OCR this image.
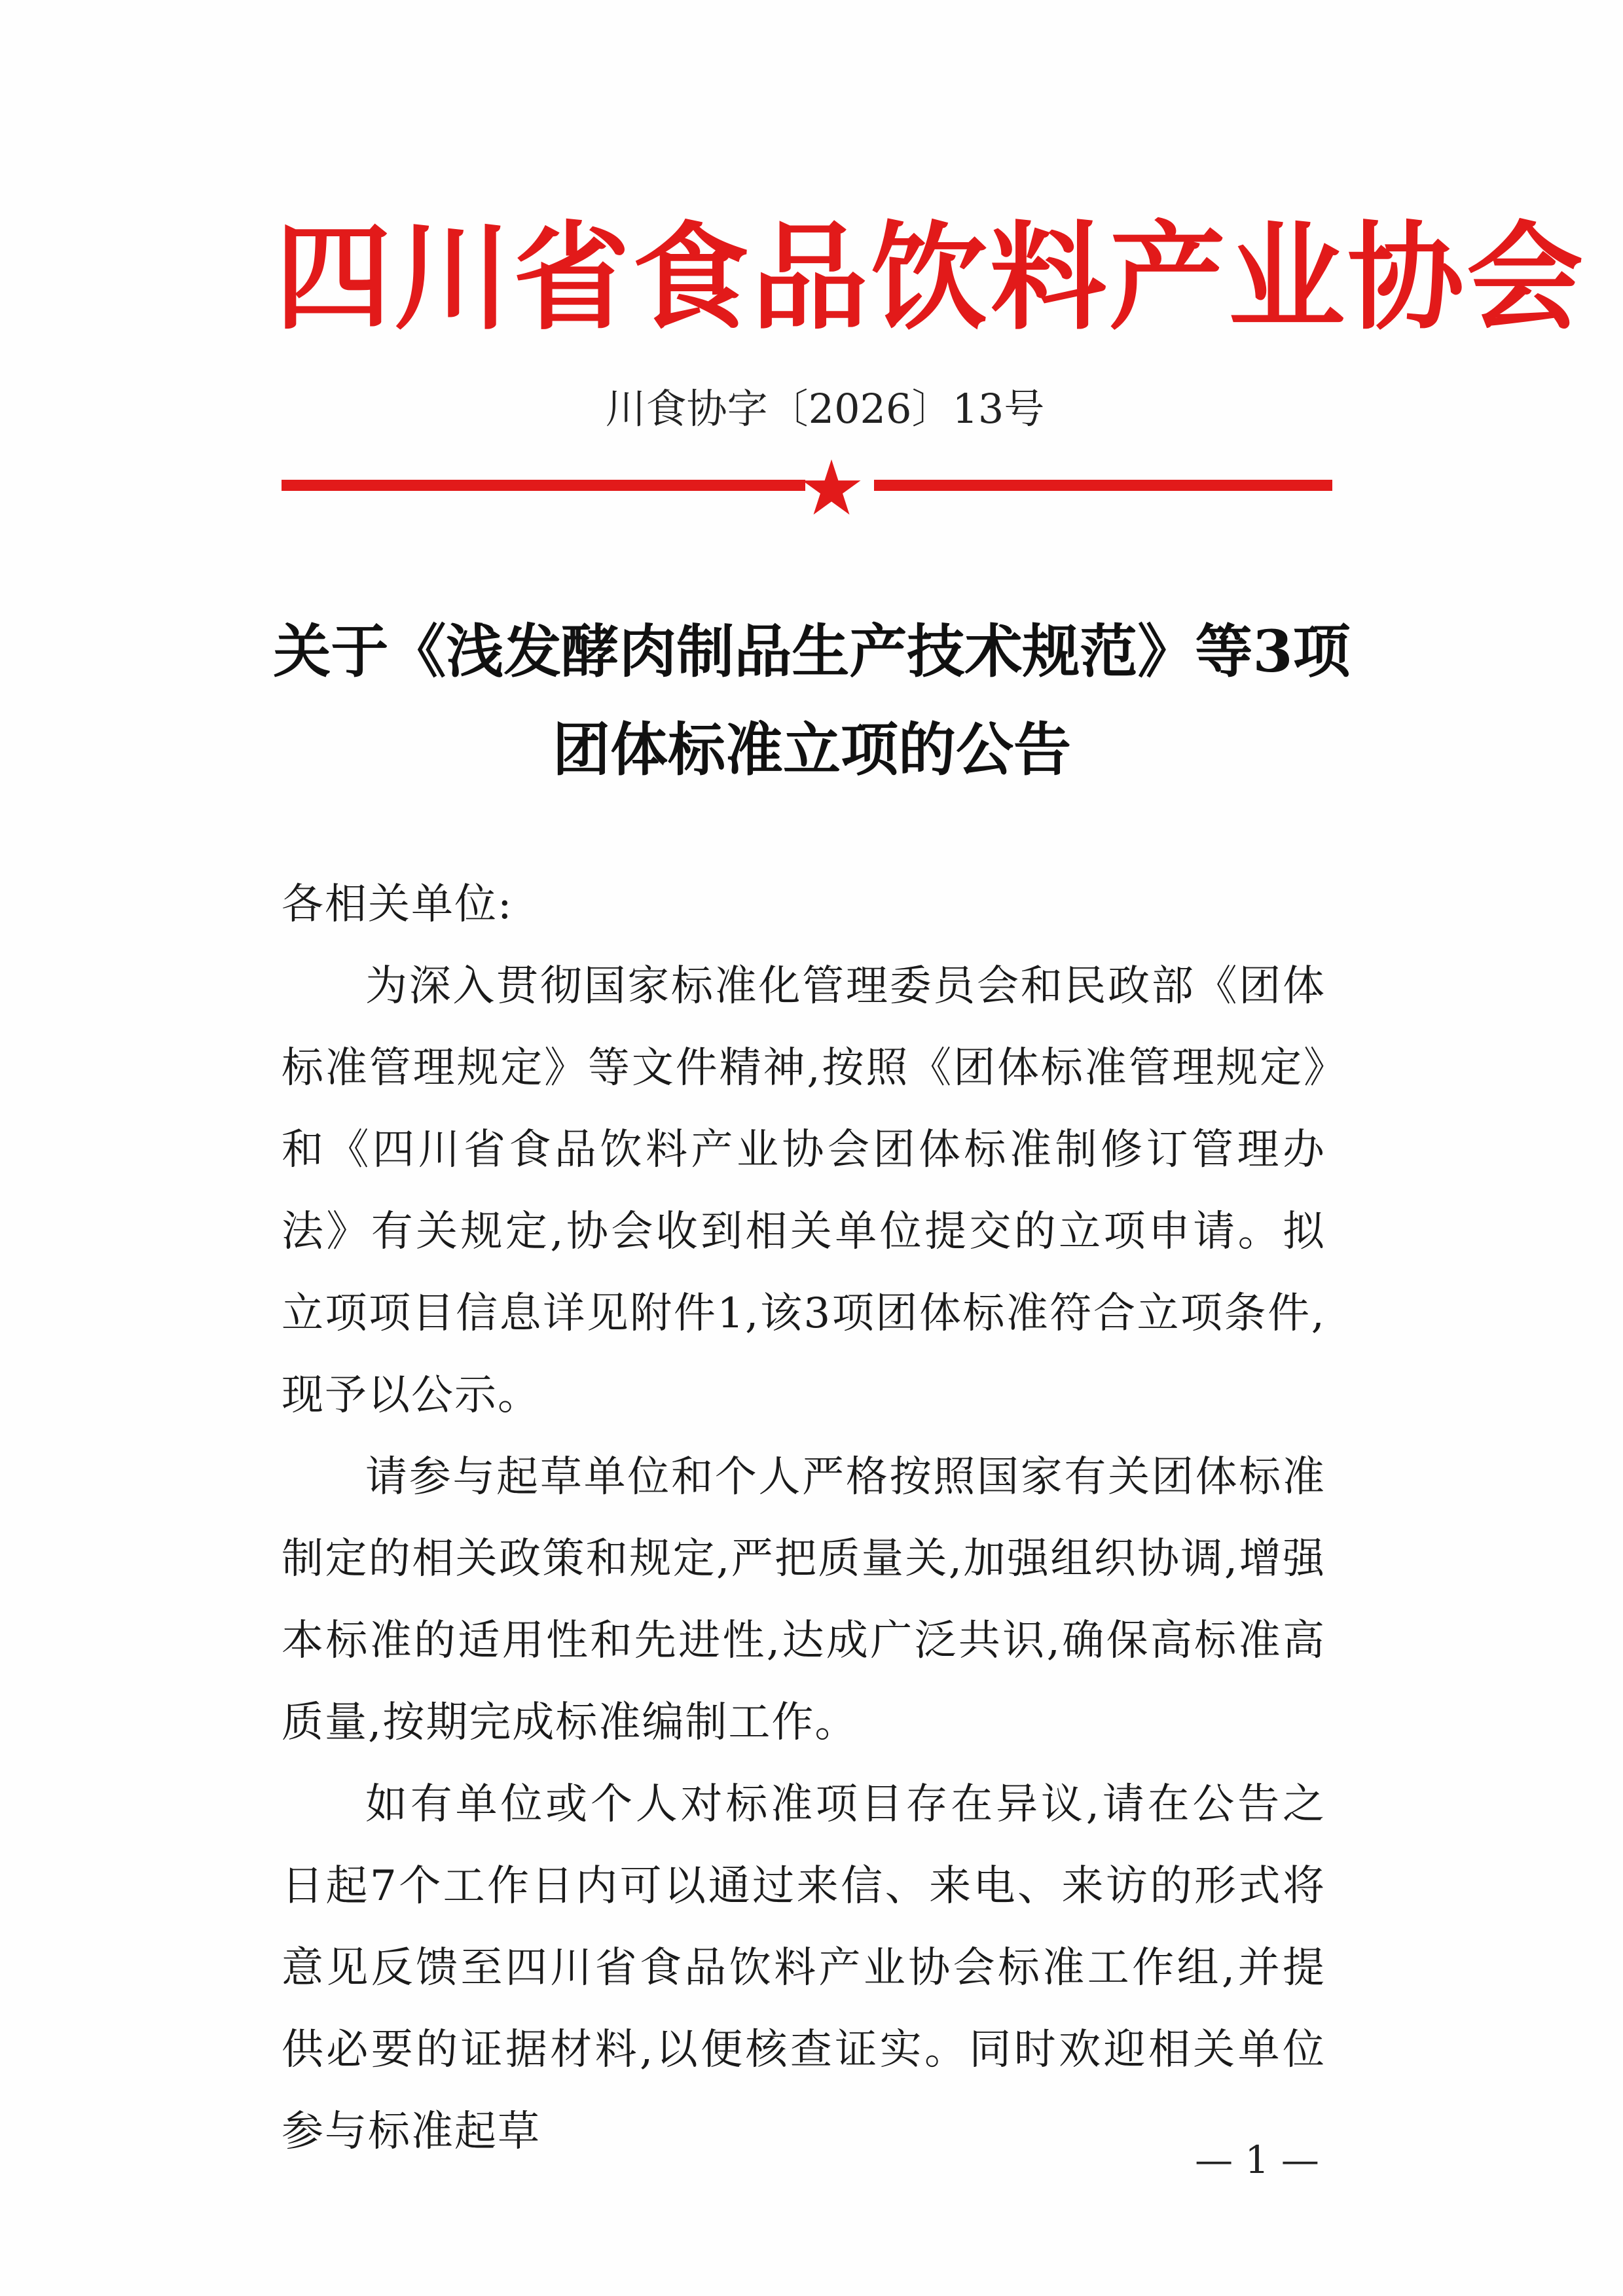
四川省食品饮料产业协会
川食协字〔2026〕13号
关于《浅发酵肉制品生产技术规范》等3项
团体标准立项的公告

各相关单位:

为深入贯彻国家标准化管理委员会和民政部《团体标准管理规定》等文件精神,按照《团体标准管理规定》和《四川省食品饮料产业协会团体标准制修订管理办法》有关规定,协会收到相关单位提交的立项申请。拟立项项目信息详见附件1,该3项团体标准符合立项条件,现予以公示。

请参与起草单位和个人严格按照国家有关团体标准制定的相关政策和规定,严把质量关,加强组织协调,增强本标准的适用性和先进性,达成广泛共识,确保高标准高质量,按期完成标准编制工作。

如有单位或个人对标准项目存在异议,请在公告之日起7个工作日内可以通过来信、来电、来访的形式将意见反馈至四川省食品饮料产业协会标准工作组,并提供必要的证据材料,以便核查证实。同时欢迎相关单位参与标准起草

— 1 —
